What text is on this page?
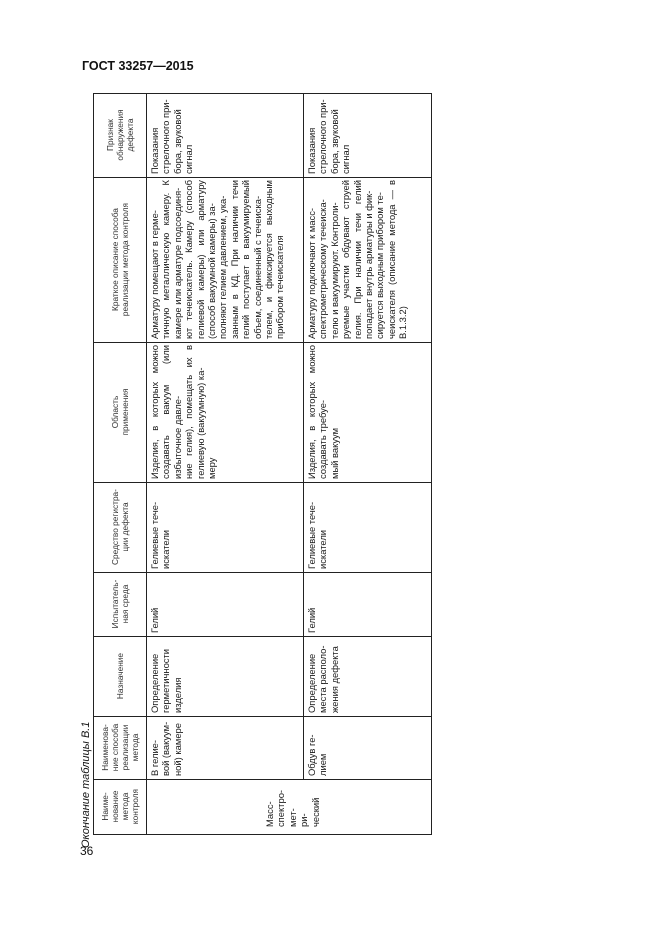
ГОСТ 33257—2015
Окончание таблицы В.1
36
Наиме-
нование
метода
контроля
Наименова-
ние способа
реализации
метода
Назначение
Испытатель-
ная среда
Средство регистра-
ции дефекта
Область
применения
Краткое описание способа
реализации метода контроля
Признак
обнаружения
дефекта
Масс-
спектро-
мет-
ри-
ческий
В гелие-
вой (вакуум-
ной) камере
Определение герметичности изделия
Гелий
Гелиевые тече-
искатели
Изделия, в которых можно создавать вакуум (или избыточное давле-
ние гелия), помещать их в гелиевую (вакуумную) ка-
меру
Арматуру помещают в герме-
тичную металлическую камеру. К камере или арматуре подсоединя-
ют течеискатель. Камеру (способ гелиевой камеры) или арматуру (способ вакуумной камеры) за-
полняют гелием давлением, ука-
занным в КД. При наличии течи гелий поступает в вакуумируемый объем, соединенный с течеиска-
телем, и фиксируется выходным прибором течеискателя
Показания стрелочного при-
бора, звуковой сигнал
Обдув ге-
лием
Определение места располо-
жения дефекта
Гелий
Гелиевые тече-
искатели
Изделия, в которых можно создавать требуе-
мый вакуум
Арматуру подключают к масс-
спектрометрическому течеиска-
телю и вакуумируют. Контроли-
руемые участки обдувают струей гелия. При наличии течи гелий попадает внутрь арматуры и фик-
сируется выходным прибором те-
чеискателя (описание метода — в В.1.3.2)
Показания стрелочного при-
бора, звуковой сигнал
